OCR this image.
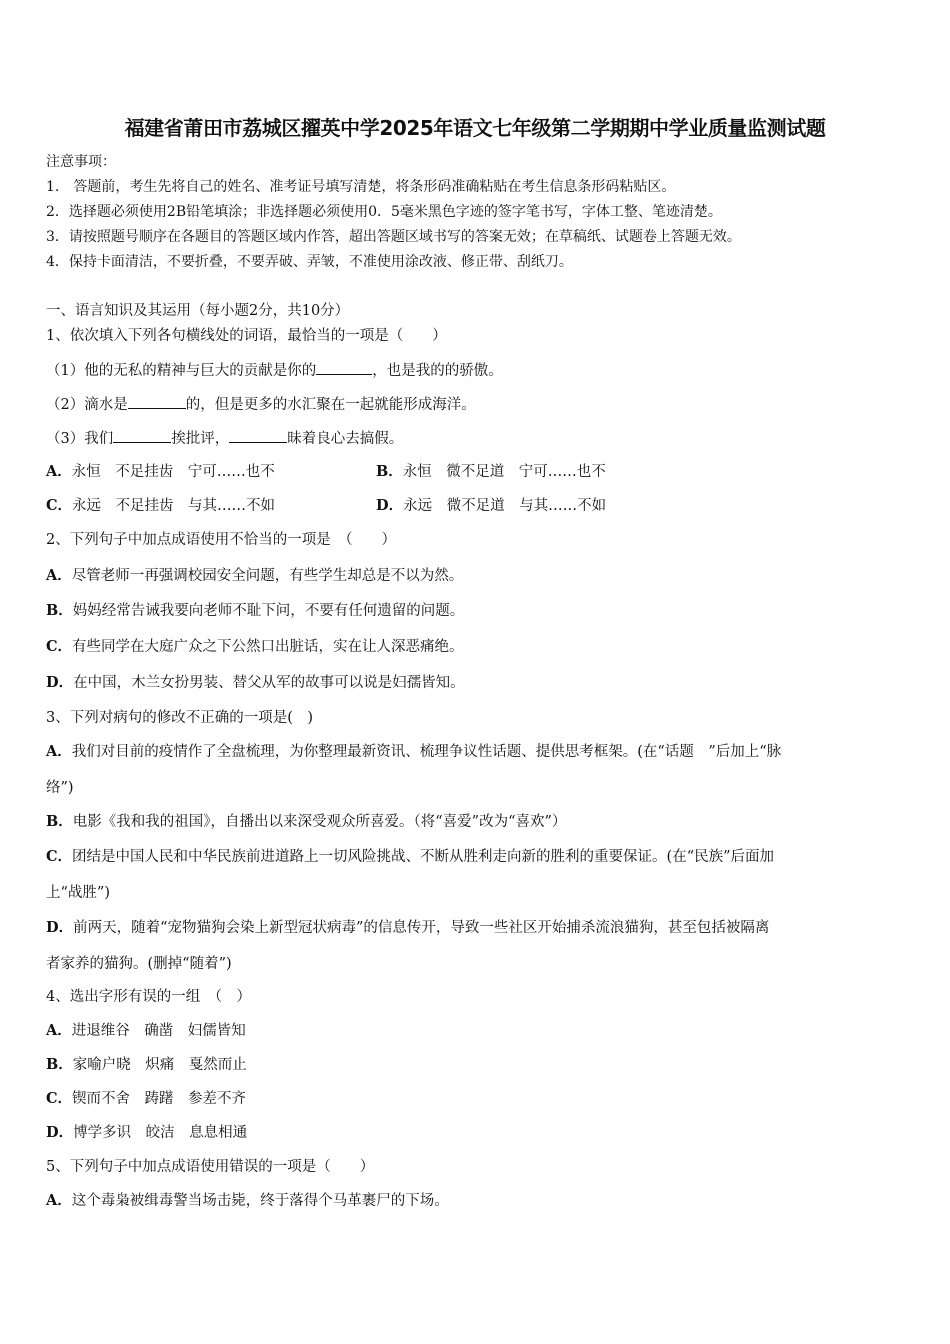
福建省莆田市荔城区擢英中学2025年语文七年级第二学期期中学业质量监测试题
注意事项：
1.　答题前，考生先将自己的姓名、准考证号填写清楚，将条形码准确粘贴在考生信息条形码粘贴区。
2．选择题必须使用2B铅笔填涂；非选择题必须使用0．5毫米黑色字迹的签字笔书写，字体工整、笔迹清楚。
3．请按照题号顺序在各题目的答题区域内作答，超出答题区域书写的答案无效；在草稿纸、试题卷上答题无效。
4．保持卡面清洁，不要折叠，不要弄破、弄皱，不准使用涂改液、修正带、刮纸刀。
一、语言知识及其运用（每小题2分，共10分）
1、依次填入下列各句横线处的词语，最恰当的一项是（　　）
（1）他的无私的精神与巨大的贡献是你的	，也是我的的骄傲。
（2）滴水是	的，但是更多的水汇聚在一起就能形成海洋。
（3）我们	挨批评，	昧着良心去搞假。
A．永恒　不足挂齿　宁可……也不	B．永恒　微不足道　宁可……也不
C．永远　不足挂齿　与其……不如	D．永远　微不足道　与其……不如
2、下列句子中加点成语使用不恰当的一项是　（　　）
A．尽管老师一再强调校园安全问题，有些学生却总是不以为然。
B．妈妈经常告诫我要向老师不耻下问，不要有任何遗留的问题。
C．有些同学在大庭广众之下公然口出脏话，实在让人深恶痛绝。
D．在中国，木兰女扮男装、替父从军的故事可以说是妇孺皆知。
3、下列对病句的修改不正确的一项是(　)
A．我们对目前的疫情作了全盘梳理，为你整理最新资讯、梳理争议性话题、提供思考框架。(在“话题　”后加上“脉
络”)
B．电影《我和我的祖国》，自播出以来深受观众所喜爱。（将“喜爱”改为“喜欢”）
C．团结是中国人民和中华民族前进道路上一切风险挑战、不断从胜利走向新的胜利的重要保证。(在“民族”后面加
上“战胜”)
D．前两天，随着“宠物猫狗会染上新型冠状病毒”的信息传开，导致一些社区开始捕杀流浪猫狗，甚至包括被隔离
者家养的猫狗。(删掉“随着”)
4、选出字形有误的一组　（　）
A．进退维谷　确凿　妇儒皆知
B．家喻户晓　炽痛　戛然而止
C．锲而不舍　踌躇　参差不齐
D．博学多识　皎洁　息息相通
5、下列句子中加点成语使用错误的一项是（　　）
A．这个毒枭被缉毒警当场击毙，终于落得个马革裹尸的下场。
